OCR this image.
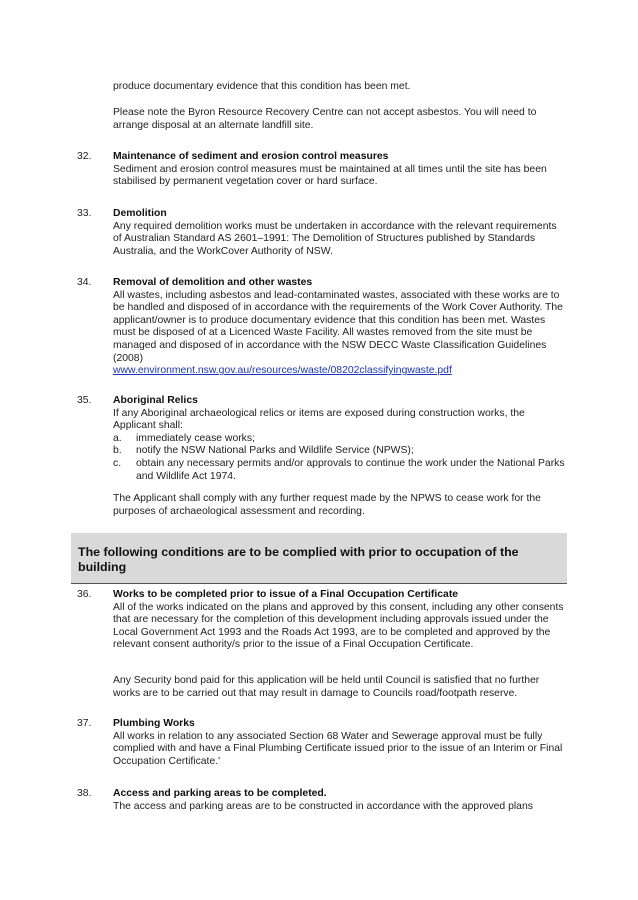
produce documentary evidence that this condition has been met.

Please note the Byron Resource Recovery Centre can not accept asbestos. You will need to arrange disposal at an alternate landfill site.

32. Maintenance of sediment and erosion control measures
Sediment and erosion control measures must be maintained at all times until the site has been stabilised by permanent vegetation cover or hard surface.

33. Demolition
Any required demolition works must be undertaken in accordance with the relevant requirements of Australian Standard AS 2601–1991: The Demolition of Structures published by Standards Australia, and the WorkCover Authority of NSW.

34. Removal of demolition and other wastes
All wastes, including asbestos and lead-contaminated wastes, associated with these works are to be handled and disposed of in accordance with the requirements of the Work Cover Authority. The applicant/owner is to produce documentary evidence that this condition has been met. Wastes must be disposed of at a Licenced Waste Facility. All wastes removed from the site must be managed and disposed of in accordance with the NSW DECC Waste Classification Guidelines (2008)
www.environment.nsw.gov.au/resources/waste/08202classifyingwaste.pdf

35. Aboriginal Relics
If any Aboriginal archaeological relics or items are exposed during construction works, the Applicant shall:
a. immediately cease works;
b. notify the NSW National Parks and Wildlife Service (NPWS);
c. obtain any necessary permits and/or approvals to continue the work under the National Parks and Wildlife Act 1974.

The Applicant shall comply with any further request made by the NPWS to cease work for the purposes of archaeological assessment and recording.

The following conditions are to be complied with prior to occupation of the building

36. Works to be completed prior to issue of a Final Occupation Certificate
All of the works indicated on the plans and approved by this consent, including any other consents that are necessary for the completion of this development including approvals issued under the Local Government Act 1993 and the Roads Act 1993, are to be completed and approved by the relevant consent authority/s prior to the issue of a Final Occupation Certificate.

Any Security bond paid for this application will be held until Council is satisfied that no further works are to be carried out that may result in damage to Councils road/footpath reserve.

37. Plumbing Works
All works in relation to any associated Section 68 Water and Sewerage approval must be fully complied with and have a Final Plumbing Certificate issued prior to the issue of an Interim or Final Occupation Certificate.'

38. Access and parking areas to be completed.
The access and parking areas are to be constructed in accordance with the approved plans
